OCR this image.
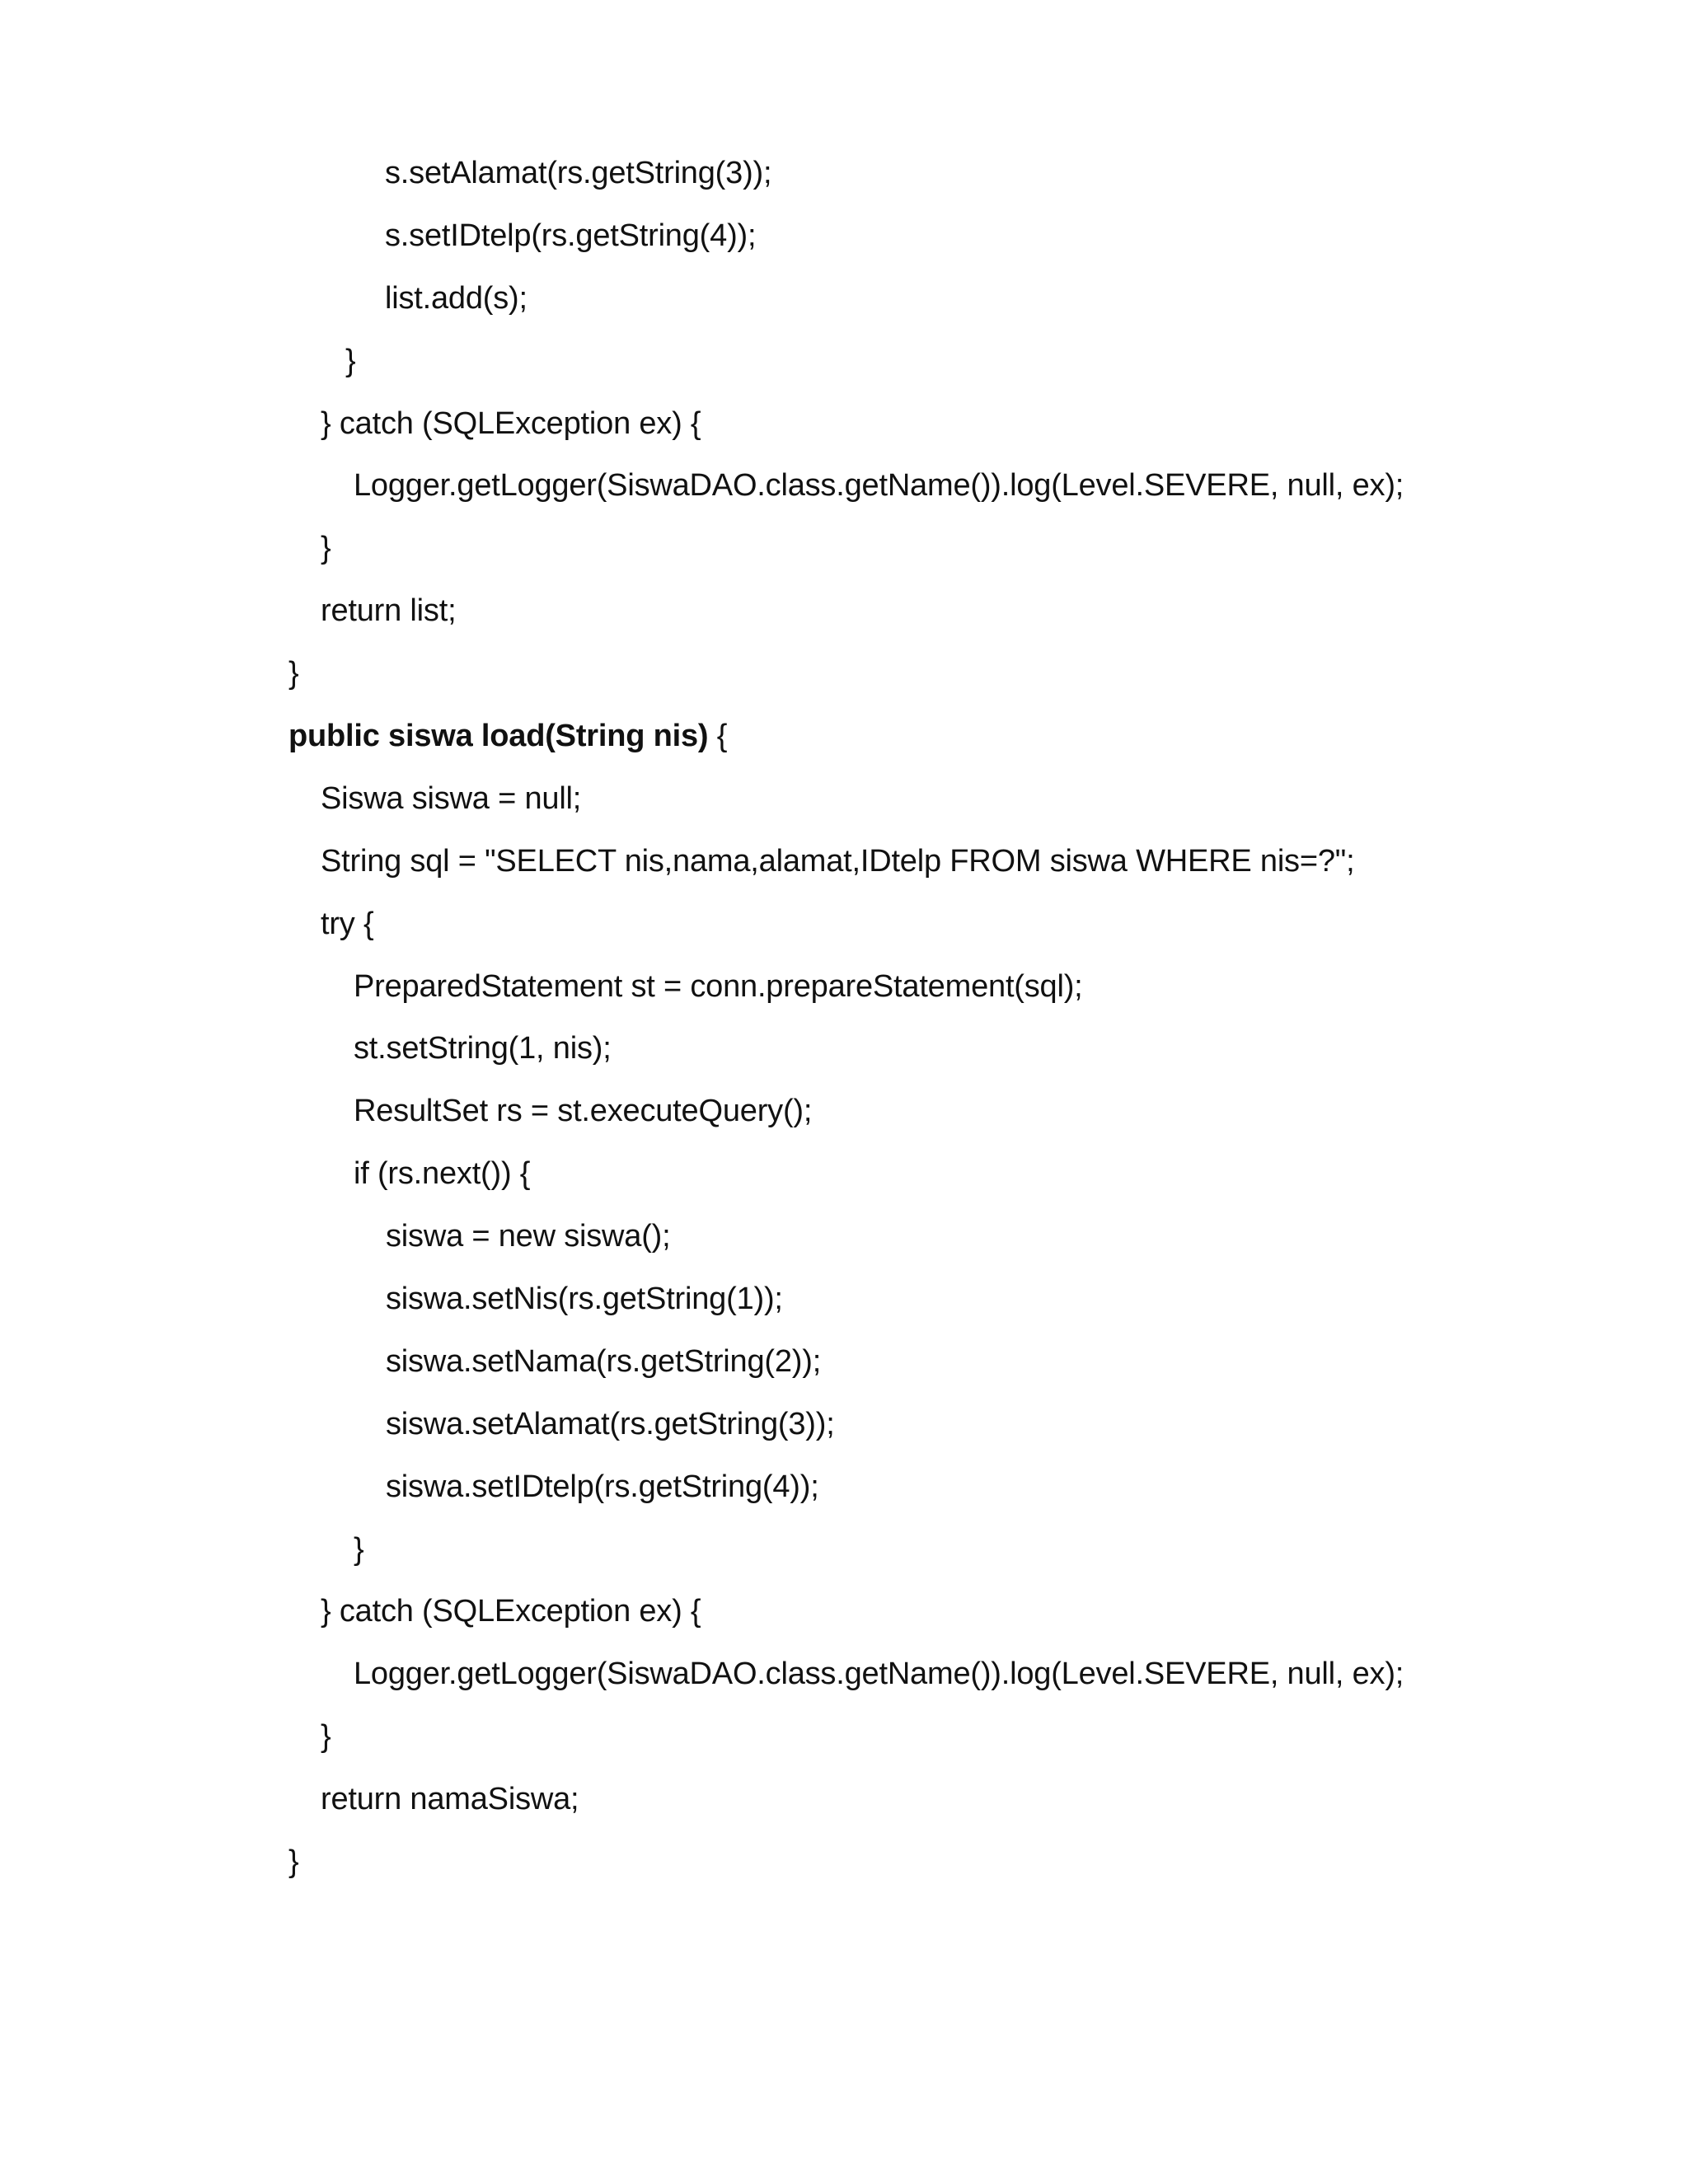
s.setAlamat(rs.getString(3));
s.setIDtelp(rs.getString(4));
list.add(s);
}
} catch (SQLException ex) {
Logger.getLogger(SiswaDAO.class.getName()).log(Level.SEVERE, null, ex);
}
return list;
}
public siswa load(String nis) {
Siswa siswa = null;
String sql = "SELECT nis,nama,alamat,IDtelp FROM siswa WHERE nis=?";
try {
PreparedStatement st = conn.prepareStatement(sql);
st.setString(1, nis);
ResultSet rs = st.executeQuery();
if (rs.next()) {
siswa = new siswa();
siswa.setNis(rs.getString(1));
siswa.setNama(rs.getString(2));
siswa.setAlamat(rs.getString(3));
siswa.setIDtelp(rs.getString(4));
}
} catch (SQLException ex) {
Logger.getLogger(SiswaDAO.class.getName()).log(Level.SEVERE, null, ex);
}
return namaSiswa;
}
